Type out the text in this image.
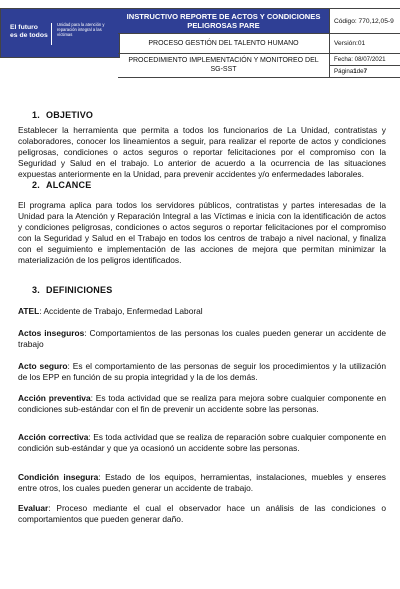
El futuro
es de todos
Unidad para la atención y reparación integral a las víctimas
INSTRUCTIVO REPORTE DE ACTOS Y CONDICIONES PELIGROSAS PARE
PROCESO GESTIÓN DEL TALENTO HUMANO
PROCEDIMIENTO IMPLEMENTACIÓN Y MONITOREO DEL SG-SST
Código: 770,12,05-9
Versión:01
Fecha: 08/07/2021
Página 1 de 7
1. OBJETIVO

Establecer la herramienta que permita a todos los funcionarios de La Unidad, contratistas y colaboradores, conocer los lineamientos a seguir, para realizar el reporte de actos y condiciones peligrosas, condiciones o actos seguros o reportar felicitaciones por el compromiso con la Seguridad y Salud en el trabajo. Lo anterior de acuerdo a la ocurrencia de las situaciones expuestas anteriormente en la Unidad, para prevenir accidentes y/o enfermedades laborales.

2. ALCANCE

El programa aplica para todos los servidores públicos, contratistas y partes interesadas de la Unidad para la Atención y Reparación Integral a las Víctimas e inicia con la identificación de actos y condiciones peligrosas, condiciones o actos seguros o reportar felicitaciones por el compromiso con la Seguridad y Salud en el Trabajo en todos los centros de trabajo a nivel nacional, y finaliza con el seguimiento e implementación de las acciones de mejora que permitan minimizar la materialización de los peligros identificados.

3. DEFINICIONES

ATEL: Accidente de Trabajo, Enfermedad Laboral

Actos inseguros: Comportamientos de las personas los cuales pueden generar un accidente de trabajo

Acto seguro: Es el comportamiento de las personas de seguir los procedimientos y la utilización de los EPP en función de su propia integridad y la de los demás.

Acción preventiva: Es toda actividad que se realiza para mejora sobre cualquier componente en condiciones sub-estándar con el fin de prevenir un accidente sobre las personas.

Acción correctiva: Es toda actividad que se realiza de reparación sobre cualquier componente en condición sub-estándar y que ya ocasionó un accidente sobre las personas.

Condición insegura: Estado de los equipos, herramientas, instalaciones, muebles y enseres entre otros, los cuales pueden generar un accidente de trabajo.

Evaluar: Proceso mediante el cual el observador hace un análisis de las condiciones o comportamientos que pueden generar daño.
